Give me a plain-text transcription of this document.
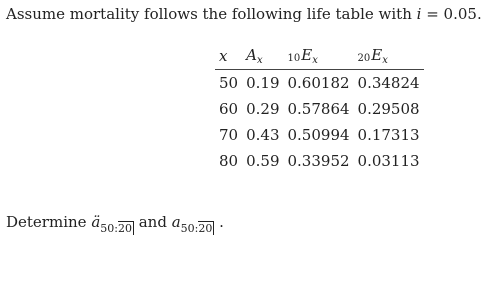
Assume mortality follows the following life table with i = 0.05.
x	$A_x$	$10E_x$	$20E_x$
50	0.19	0.60182	0.34824
60	0.29	0.57864	0.29508
70	0.43	0.50994	0.17313
80	0.59	0.33952	0.03113
Determine $ä_{50:20}$ and $a_{50:20}$ .
